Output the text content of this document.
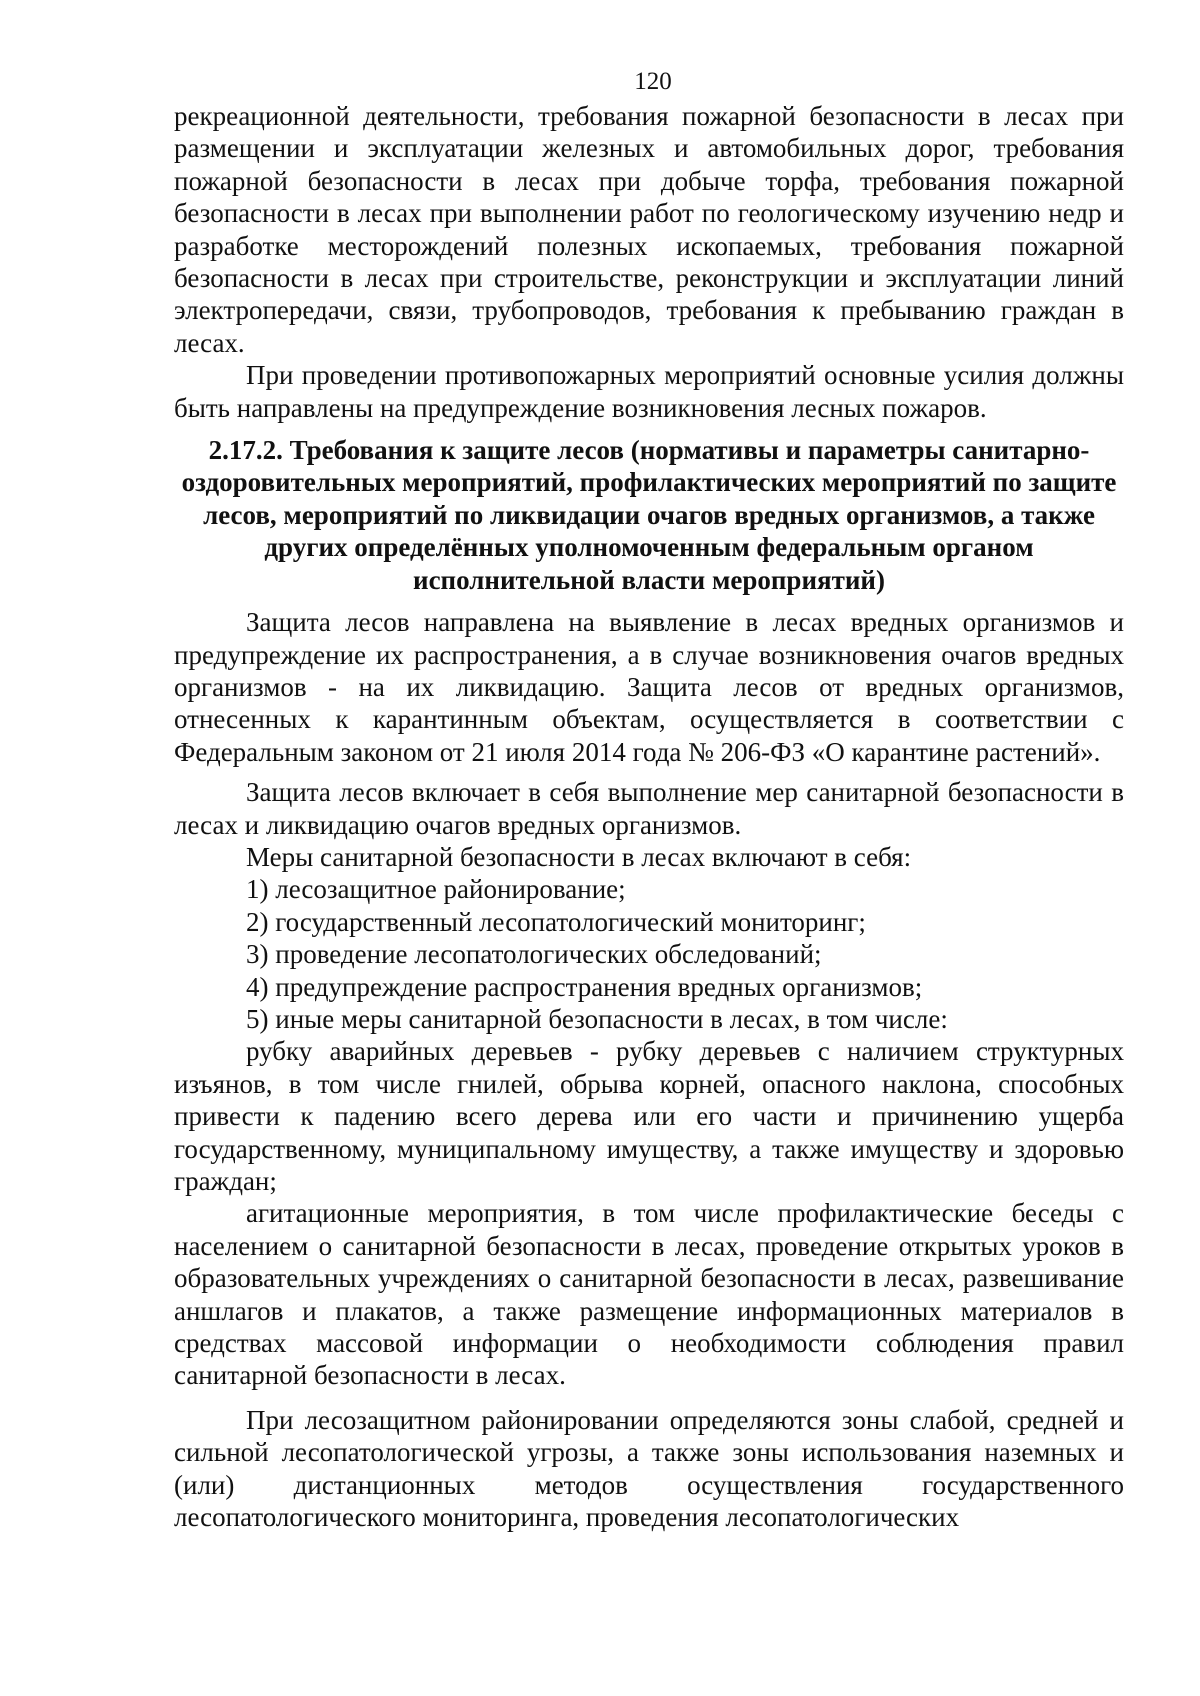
120

рекреационной деятельности, требования пожарной безопасности в лесах при размещении и эксплуатации железных и автомобильных дорог, требования пожарной безопасности в лесах при добыче торфа, требования пожарной безопасности в лесах при выполнении работ по геологическому изучению недр и разработке месторождений полезных ископаемых, требования пожарной безопасности в лесах при строительстве, реконструкции и эксплуатации линий электропередачи, связи, трубопроводов, требования к пребыванию граждан в лесах.

При проведении противопожарных мероприятий основные усилия должны быть направлены на предупреждение возникновения лесных пожаров.

2.17.2. Требования к защите лесов (нормативы и параметры санитарно-оздоровительных мероприятий, профилактических мероприятий по защите лесов, мероприятий по ликвидации очагов вредных организмов, а также других определённых уполномоченным федеральным органом исполнительной власти мероприятий)

Защита лесов направлена на выявление в лесах вредных организмов и предупреждение их распространения, а в случае возникновения очагов вредных организмов - на их ликвидацию. Защита лесов от вредных организмов, отнесенных к карантинным объектам, осуществляется в соответствии с Федеральным законом от 21 июля 2014 года № 206-ФЗ «О карантине растений».

Защита лесов включает в себя выполнение мер санитарной безопасности в лесах и ликвидацию очагов вредных организмов.

Меры санитарной безопасности в лесах включают в себя:

1) лесозащитное районирование;

2) государственный лесопатологический мониторинг;

3) проведение лесопатологических обследований;

4) предупреждение распространения вредных организмов;

5) иные меры санитарной безопасности в лесах, в том числе:

рубку аварийных деревьев - рубку деревьев с наличием структурных изъянов, в том числе гнилей, обрыва корней, опасного наклона, способных привести к падению всего дерева или его части и причинению ущерба государственному, муниципальному имуществу, а также имуществу и здоровью граждан;

агитационные мероприятия, в том числе профилактические беседы с населением о санитарной безопасности в лесах, проведение открытых уроков в образовательных учреждениях о санитарной безопасности в лесах, развешивание аншлагов и плакатов, а также размещение информационных материалов в средствах массовой информации о необходимости соблюдения правил санитарной безопасности в лесах.

При лесозащитном районировании определяются зоны слабой, средней и сильной лесопатологической угрозы, а также зоны использования наземных и (или) дистанционных методов осуществления государственного лесопатологического мониторинга, проведения лесопатологических
